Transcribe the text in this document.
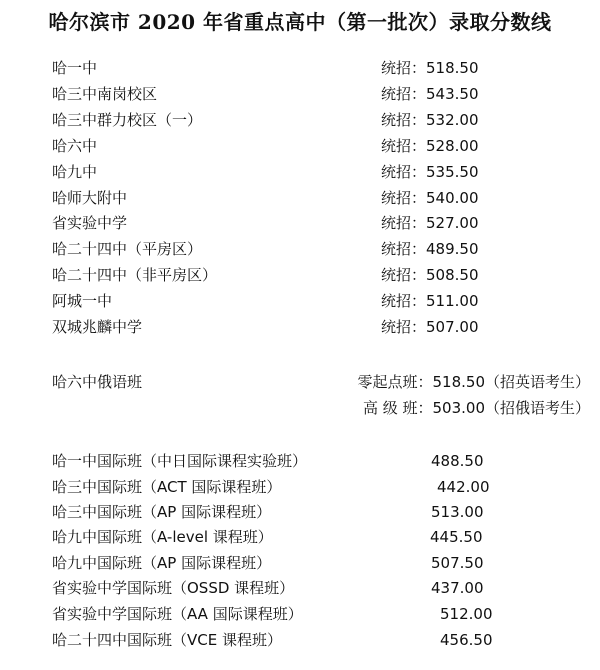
哈尔滨市 2020 年省重点高中（第一批次）录取分数线
哈一中	统招：518.50
哈三中南岗校区	统招：543.50
哈三中群力校区（一）	统招：532.00
哈六中	统招：528.00
哈九中	统招：535.50
哈师大附中	统招：540.00
省实验中学	统招：527.00
哈二十四中（平房区）	统招：489.50
哈二十四中（非平房区）	统招：508.50
阿城一中	统招：511.00
双城兆麟中学	统招：507.00
哈六中俄语班	零起点班：518.50（招英语考生）
高 级 班：503.00（招俄语考生）
哈一中国际班（中日国际课程实验班）	488.50
哈三中国际班（ACT 国际课程班）	442.00
哈三中国际班（AP 国际课程班）	513.00
哈九中国际班（A-level 课程班）	445.50
哈九中国际班（AP 国际课程班）	507.50
省实验中学国际班（OSSD 课程班）	437.00
省实验中学国际班（AA 国际课程班）	512.00
哈二十四中国际班（VCE 课程班）	456.50
